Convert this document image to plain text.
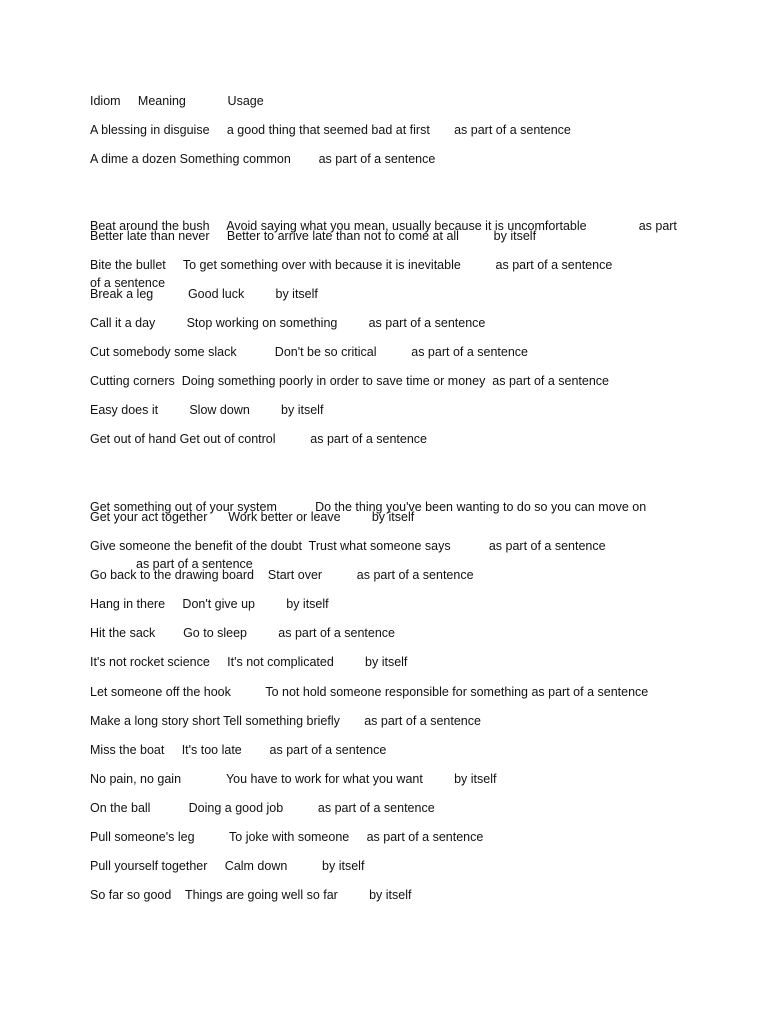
Idiom     Meaning            Usage
A blessing in disguise     a good thing that seemed bad at first       as part of a sentence
A dime a dozen Something common        as part of a sentence

Beat around the bush     Avoid saying what you mean, usually because it is uncomfortable               as part

of a sentence

Better late than never     Better to arrive late than not to come at all          by itself
Bite the bullet     To get something over with because it is inevitable          as part of a sentence
Break a leg          Good luck         by itself
Call it a day         Stop working on something         as part of a sentence
Cut somebody some slack           Don't be so critical          as part of a sentence
Cutting corners  Doing something poorly in order to save time or money  as part of a sentence
Easy does it         Slow down         by itself
Get out of hand Get out of control          as part of a sentence

Get something out of your system           Do the thing you've been wanting to do so you can move on

as part of a sentence

Get your act together      Work better or leave         by itself
Give someone the benefit of the doubt  Trust what someone says           as part of a sentence
Go back to the drawing board    Start over          as part of a sentence
Hang in there     Don't give up         by itself
Hit the sack        Go to sleep         as part of a sentence
It's not rocket science     It's not complicated         by itself
Let someone off the hook          To not hold someone responsible for something as part of a sentence
Make a long story short Tell something briefly       as part of a sentence
Miss the boat     It's too late        as part of a sentence
No pain, no gain             You have to work for what you want         by itself
On the ball           Doing a good job          as part of a sentence
Pull someone's leg          To joke with someone     as part of a sentence
Pull yourself together     Calm down          by itself
So far so good    Things are going well so far         by itself
